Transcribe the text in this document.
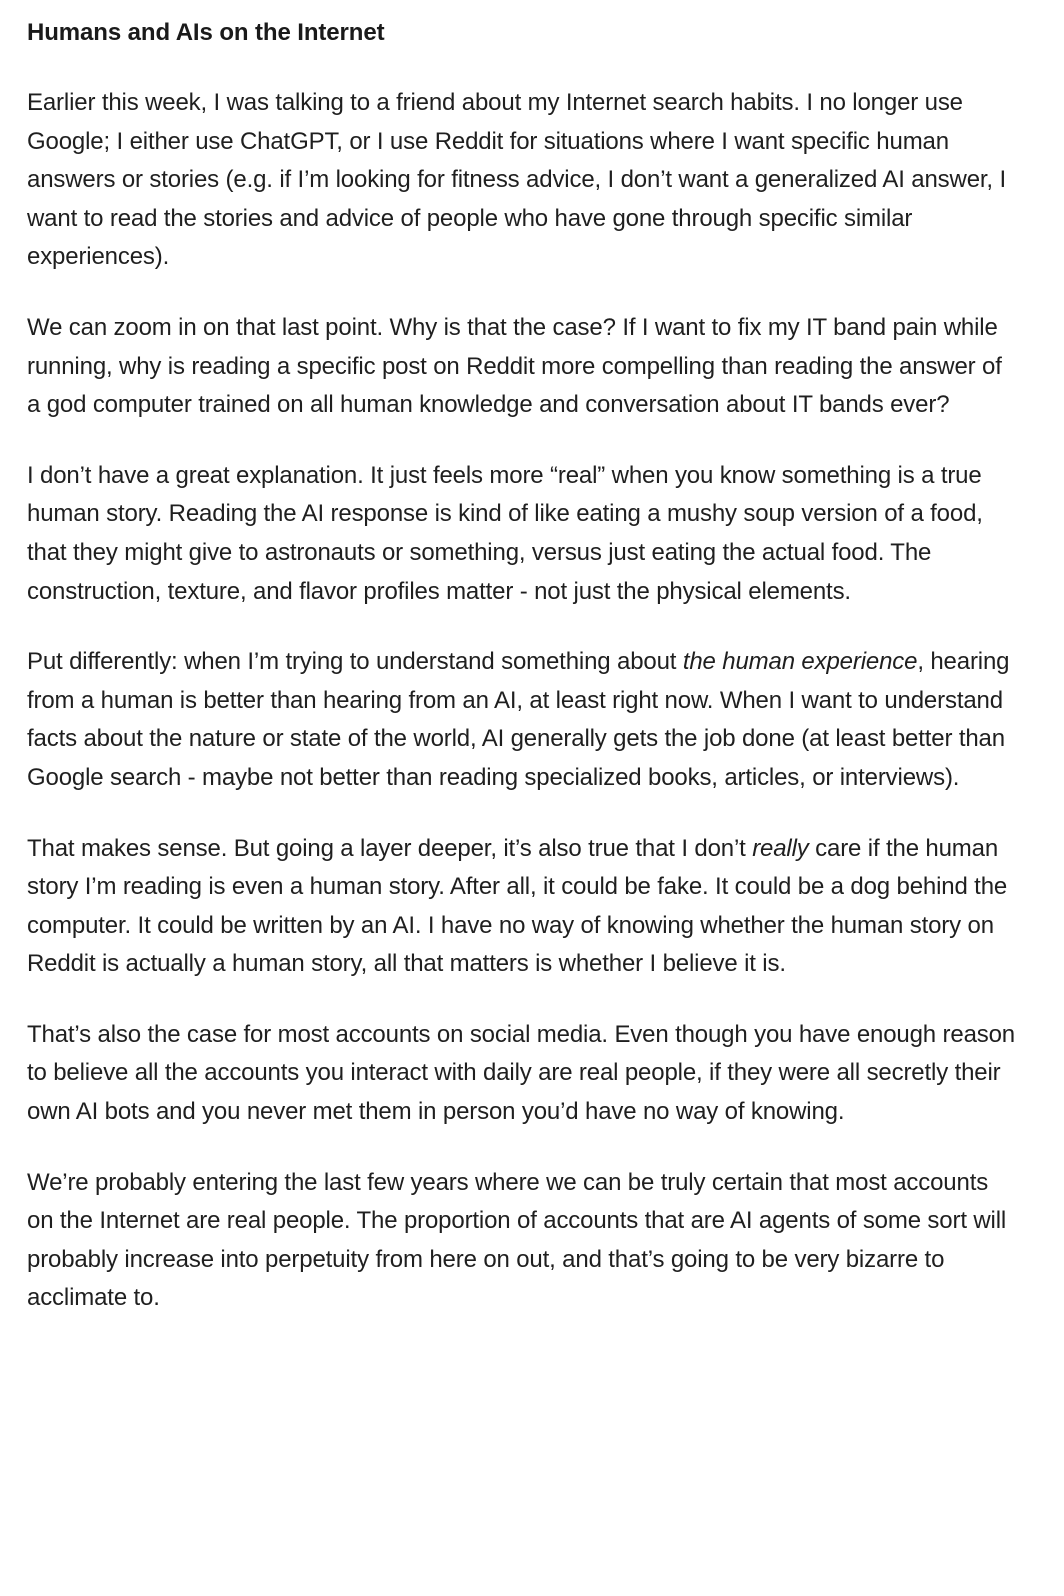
Humans and AIs on the Internet

Earlier this week, I was talking to a friend about my Internet search habits. I no longer use Google; I either use ChatGPT, or I use Reddit for situations where I want specific human answers or stories (e.g. if I’m looking for fitness advice, I don’t want a generalized AI answer, I want to read the stories and advice of people who have gone through specific similar experiences).

We can zoom in on that last point. Why is that the case? If I want to fix my IT band pain while running, why is reading a specific post on Reddit more compelling than reading the answer of a god computer trained on all human knowledge and conversation about IT bands ever?

I don’t have a great explanation. It just feels more “real” when you know something is a true human story. Reading the AI response is kind of like eating a mushy soup version of a food, that they might give to astronauts or something, versus just eating the actual food. The construction, texture, and flavor profiles matter - not just the physical elements.

Put differently: when I’m trying to understand something about the human experience, hearing from a human is better than hearing from an AI, at least right now. When I want to understand facts about the nature or state of the world, AI generally gets the job done (at least better than Google search - maybe not better than reading specialized books, articles, or interviews).

That makes sense. But going a layer deeper, it’s also true that I don’t really care if the human story I’m reading is even a human story. After all, it could be fake. It could be a dog behind the computer. It could be written by an AI. I have no way of knowing whether the human story on Reddit is actually a human story, all that matters is whether I believe it is.

That’s also the case for most accounts on social media. Even though you have enough reason to believe all the accounts you interact with daily are real people, if they were all secretly their own AI bots and you never met them in person you’d have no way of knowing.

We’re probably entering the last few years where we can be truly certain that most accounts on the Internet are real people. The proportion of accounts that are AI agents of some sort will probably increase into perpetuity from here on out, and that’s going to be very bizarre to acclimate to.
